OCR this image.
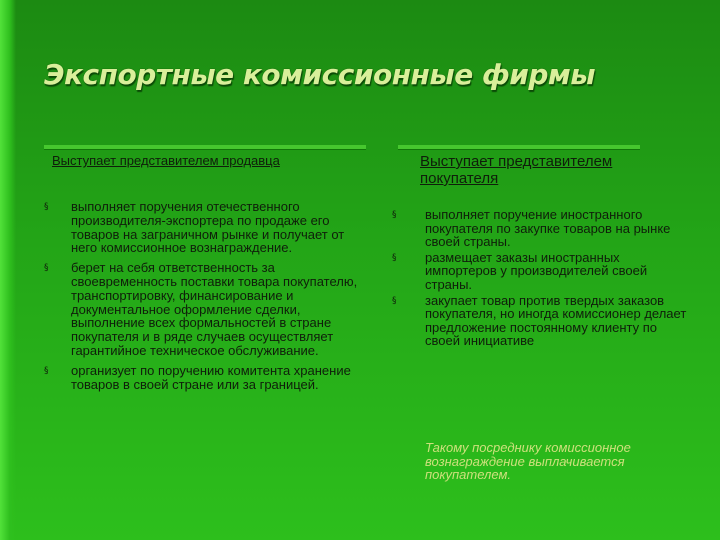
Экспортные комиссионные фирмы

Выступает представителем продавца

§ выполняет поручения отечественного производителя-экспортера по продаже его товаров на заграничном рынке и получает от него комиссионное вознаграждение.
§ берет на себя ответственность за своевременность поставки товара покупателю, транспортировку, финансирование и документальное оформление сделки, выполнение всех формальностей в стране покупателя и в ряде случаев осуществляет гарантийное техническое обслуживание.
§ организует по поручению комитента хранение товаров в своей стране или за границей.

Выступает представителем покупателя

§ выполняет поручение иностранного покупателя по закупке товаров на рынке своей страны.
§ размещает заказы иностранных импортеров у производителей своей страны.
§ закупает товар против твердых заказов покупателя, но иногда комиссионер делает предложение постоянному клиенту по своей инициативе

Такому посреднику комиссионное вознаграждение выплачивается покупателем.
